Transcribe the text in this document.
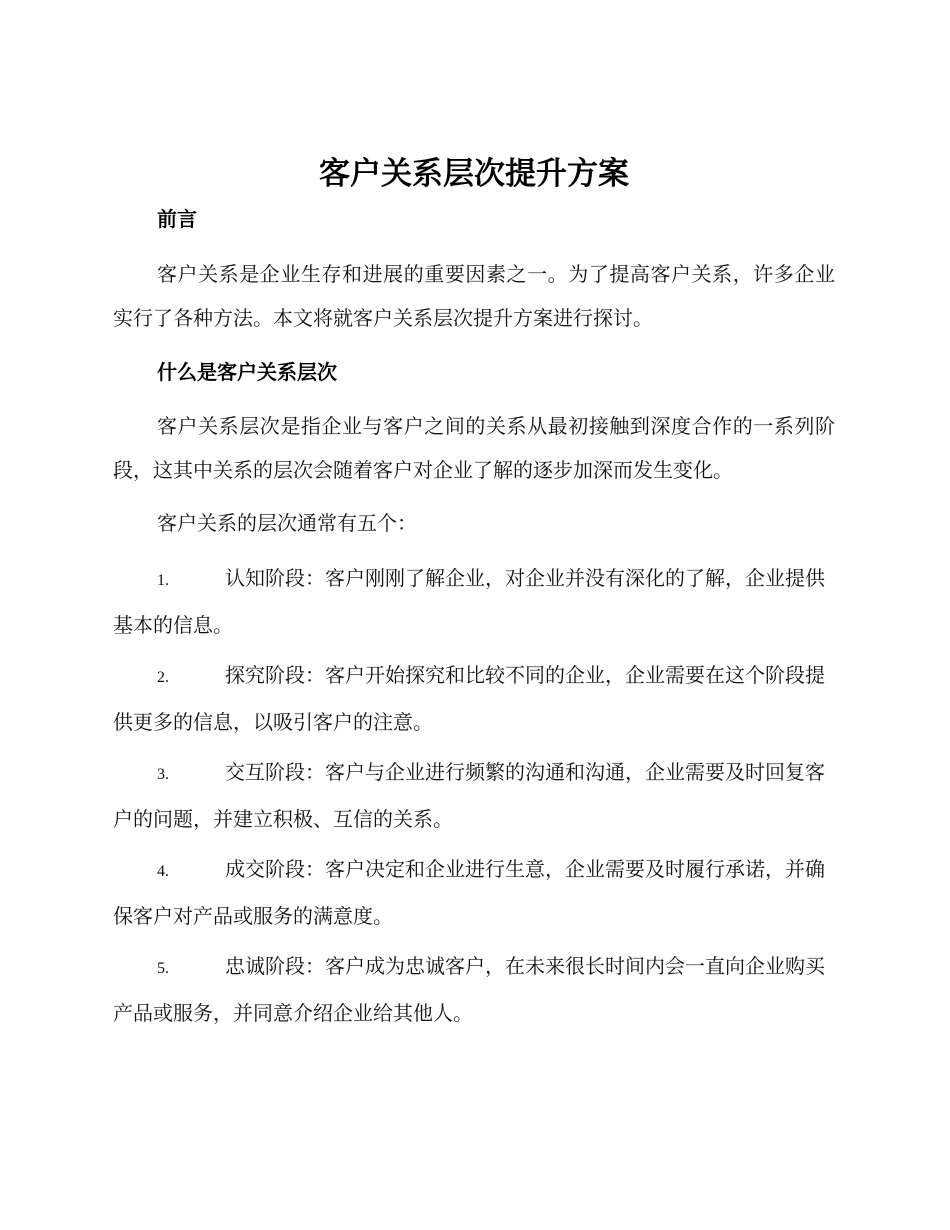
客户关系层次提升方案
前言

客户关系是企业生存和进展的重要因素之一。为了提高客户关系，许多企业实行了各种方法。本文将就客户关系层次提升方案进行探讨。

什么是客户关系层次

客户关系层次是指企业与客户之间的关系从最初接触到深度合作的一系列阶段，这其中关系的层次会随着客户对企业了解的逐步加深而发生变化。

客户关系的层次通常有五个：

1.	认知阶段：客户刚刚了解企业，对企业并没有深化的了解，企业提供基本的信息。

2.	探究阶段：客户开始探究和比较不同的企业，企业需要在这个阶段提供更多的信息，以吸引客户的注意。

3.	交互阶段：客户与企业进行频繁的沟通和沟通，企业需要及时回复客户的问题，并建立积极、互信的关系。

4.	成交阶段：客户决定和企业进行生意，企业需要及时履行承诺，并确保客户对产品或服务的满意度。

5.	忠诚阶段：客户成为忠诚客户，在未来很长时间内会一直向企业购买产品或服务，并同意介绍企业给其他人。
